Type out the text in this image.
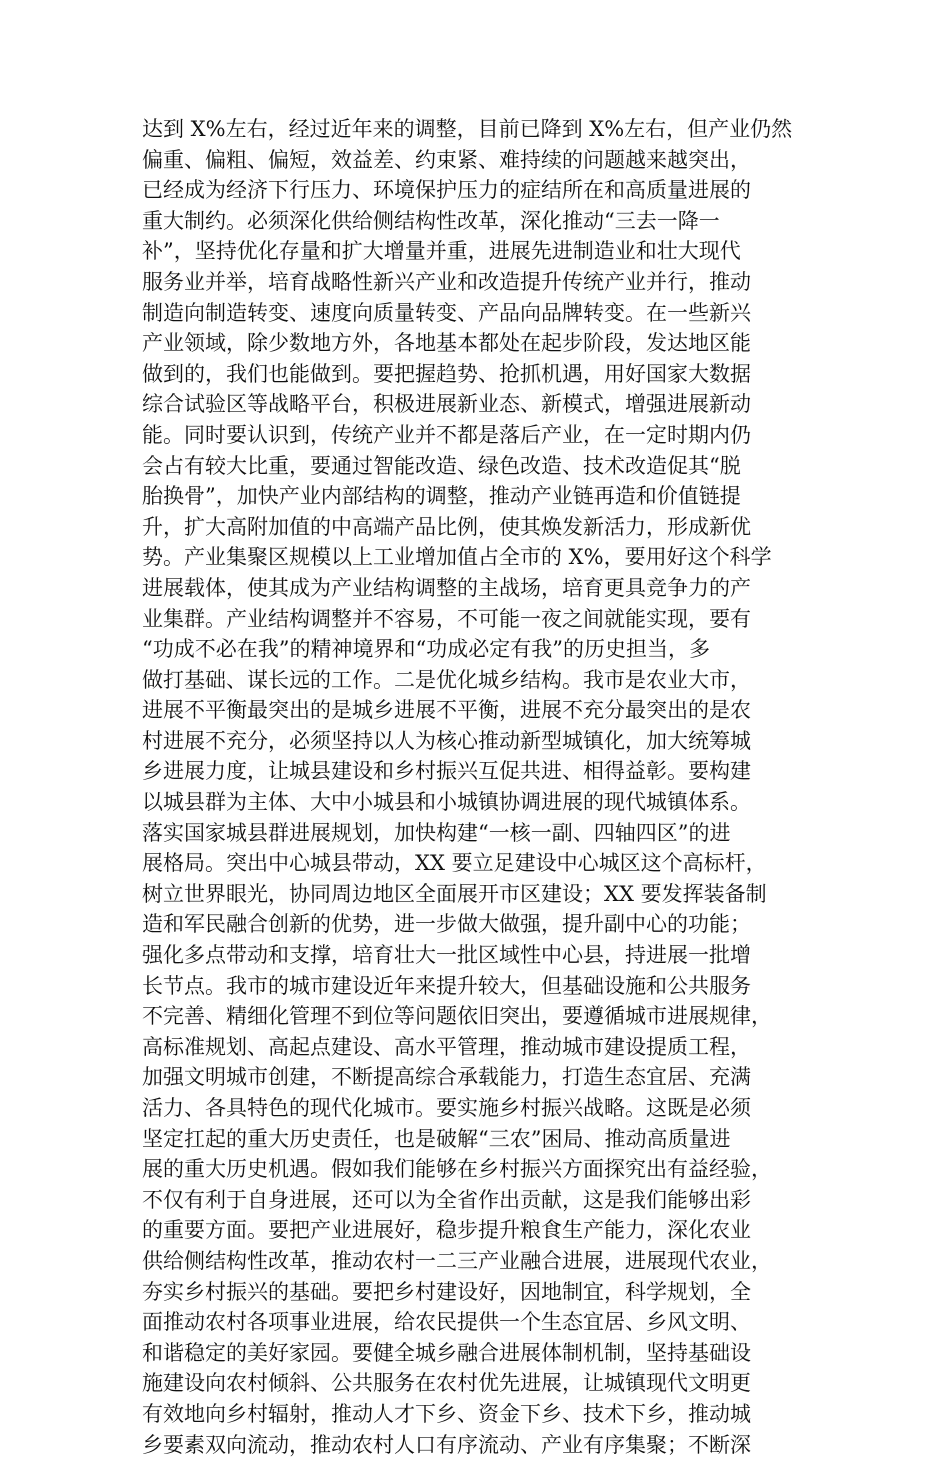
达到 X%左右，经过近年来的调整，目前已降到 X%左右，但产业仍然
偏重、偏粗、偏短，效益差、约束紧、难持续的问题越来越突出，
已经成为经济下行压力、环境保护压力的症结所在和高质量进展的
重大制约。必须深化供给侧结构性改革，深化推动“三去一降一
补”，坚持优化存量和扩大增量并重，进展先进制造业和壮大现代
服务业并举，培育战略性新兴产业和改造提升传统产业并行，推动
制造向制造转变、速度向质量转变、产品向品牌转变。在一些新兴
产业领域，除少数地方外，各地基本都处在起步阶段，发达地区能
做到的，我们也能做到。要把握趋势、抢抓机遇，用好国家大数据
综合试验区等战略平台，积极进展新业态、新模式，增强进展新动
能。同时要认识到，传统产业并不都是落后产业，在一定时期内仍
会占有较大比重，要通过智能改造、绿色改造、技术改造促其“脱
胎换骨”，加快产业内部结构的调整，推动产业链再造和价值链提
升，扩大高附加值的中高端产品比例，使其焕发新活力，形成新优
势。产业集聚区规模以上工业增加值占全市的 X%，要用好这个科学
进展载体，使其成为产业结构调整的主战场，培育更具竞争力的产
业集群。产业结构调整并不容易，不可能一夜之间就能实现，要有
“功成不必在我”的精神境界和“功成必定有我”的历史担当，多
做打基础、谋长远的工作。二是优化城乡结构。我市是农业大市，
进展不平衡最突出的是城乡进展不平衡，进展不充分最突出的是农
村进展不充分，必须坚持以人为核心推动新型城镇化，加大统筹城
乡进展力度，让城县建设和乡村振兴互促共进、相得益彰。要构建
以城县群为主体、大中小城县和小城镇协调进展的现代城镇体系。
落实国家城县群进展规划，加快构建“一核一副、四轴四区”的进
展格局。突出中心城县带动，XX 要立足建设中心城区这个高标杆，
树立世界眼光，协同周边地区全面展开市区建设；XX 要发挥装备制
造和军民融合创新的优势，进一步做大做强，提升副中心的功能；
强化多点带动和支撑，培育壮大一批区域性中心县，持进展一批增
长节点。我市的城市建设近年来提升较大，但基础设施和公共服务
不完善、精细化管理不到位等问题依旧突出，要遵循城市进展规律，
高标准规划、高起点建设、高水平管理，推动城市建设提质工程，
加强文明城市创建，不断提高综合承载能力，打造生态宜居、充满
活力、各具特色的现代化城市。要实施乡村振兴战略。这既是必须
坚定扛起的重大历史责任，也是破解“三农”困局、推动高质量进
展的重大历史机遇。假如我们能够在乡村振兴方面探究出有益经验，
不仅有利于自身进展，还可以为全省作出贡献，这是我们能够出彩
的重要方面。要把产业进展好，稳步提升粮食生产能力，深化农业
供给侧结构性改革，推动农村一二三产业融合进展，进展现代农业，
夯实乡村振兴的基础。要把乡村建设好，因地制宜，科学规划，全
面推动农村各项事业进展，给农民提供一个生态宜居、乡风文明、
和谐稳定的美好家园。要健全城乡融合进展体制机制，坚持基础设
施建设向农村倾斜、公共服务在农村优先进展，让城镇现代文明更
有效地向乡村辐射，推动人才下乡、资金下乡、技术下乡，推动城
乡要素双向流动，推动农村人口有序流动、产业有序集聚；不断深
